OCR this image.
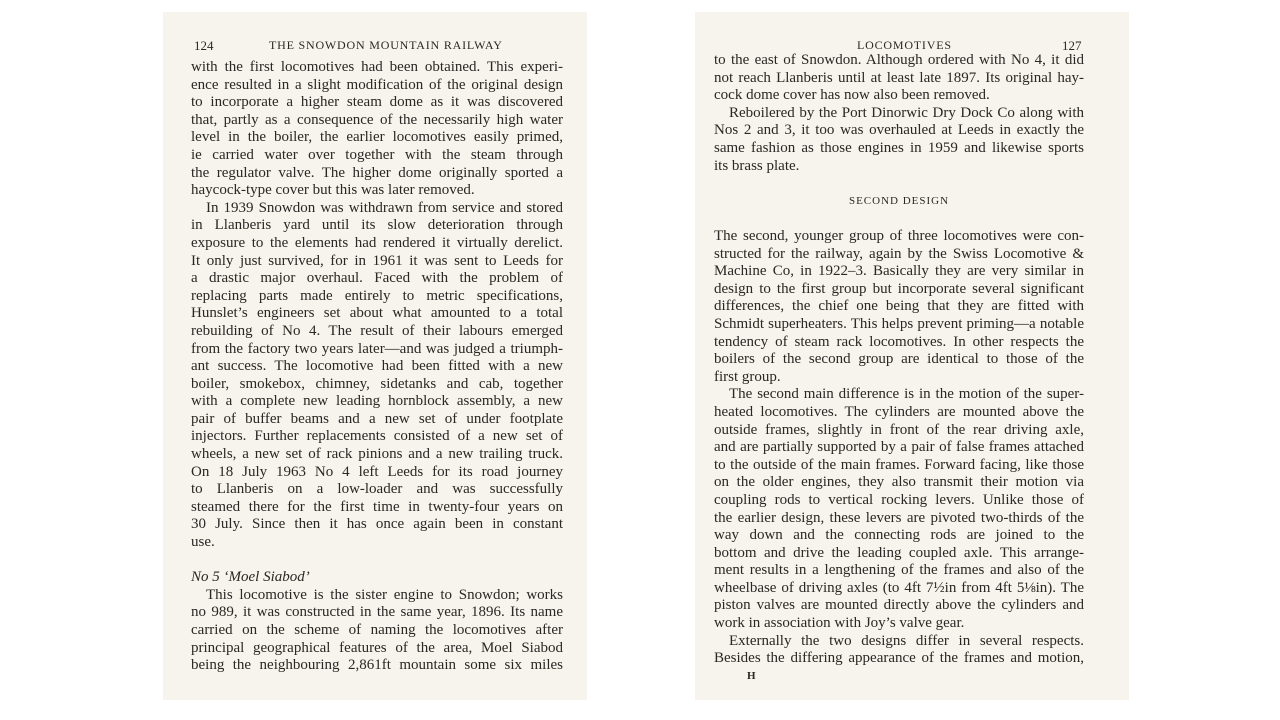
124	THE SNOWDON MOUNTAIN RAILWAY
with the first locomotives had been obtained. This experi-
ence resulted in a slight modification of the original design
to incorporate a higher steam dome as it was discovered
that, partly as a consequence of the necessarily high water
level in the boiler, the earlier locomotives easily primed,
ie carried water over together with the steam through
the regulator valve. The higher dome originally sported a
haycock-type cover but this was later removed.
In 1939 Snowdon was withdrawn from service and stored
in Llanberis yard until its slow deterioration through
exposure to the elements had rendered it virtually derelict.
It only just survived, for in 1961 it was sent to Leeds for
a drastic major overhaul. Faced with the problem of
replacing parts made entirely to metric specifications,
Hunslet’s engineers set about what amounted to a total
rebuilding of No 4. The result of their labours emerged
from the factory two years later—and was judged a triumph-
ant success. The locomotive had been fitted with a new
boiler, smokebox, chimney, sidetanks and cab, together
with a complete new leading hornblock assembly, a new
pair of buffer beams and a new set of under footplate
injectors. Further replacements consisted of a new set of
wheels, a new set of rack pinions and a new trailing truck.
On 18 July 1963 No 4 left Leeds for its road journey
to Llanberis on a low-loader and was successfully
steamed there for the first time in twenty-four years on
30 July. Since then it has once again been in constant
use.
No 5 ‘Moel Siabod’
This locomotive is the sister engine to Snowdon; works
no 989, it was constructed in the same year, 1896. Its name
carried on the scheme of naming the locomotives after
principal geographical features of the area, Moel Siabod
being the neighbouring 2,861ft mountain some six miles
LOCOMOTIVES	127
to the east of Snowdon. Although ordered with No 4, it did
not reach Llanberis until at least late 1897. Its original hay-
cock dome cover has now also been removed.
Reboilered by the Port Dinorwic Dry Dock Co along with
Nos 2 and 3, it too was overhauled at Leeds in exactly the
same fashion as those engines in 1959 and likewise sports
its brass plate.
SECOND DESIGN
The second, younger group of three locomotives were con-
structed for the railway, again by the Swiss Locomotive &
Machine Co, in 1922–3. Basically they are very similar in
design to the first group but incorporate several significant
differences, the chief one being that they are fitted with
Schmidt superheaters. This helps prevent priming—a notable
tendency of steam rack locomotives. In other respects the
boilers of the second group are identical to those of the
first group.
The second main difference is in the motion of the super-
heated locomotives. The cylinders are mounted above the
outside frames, slightly in front of the rear driving axle,
and are partially supported by a pair of false frames attached
to the outside of the main frames. Forward facing, like those
on the older engines, they also transmit their motion via
coupling rods to vertical rocking levers. Unlike those of
the earlier design, these levers are pivoted two-thirds of the
way down and the connecting rods are joined to the
bottom and drive the leading coupled axle. This arrange-
ment results in a lengthening of the frames and also of the
wheelbase of driving axles (to 4ft 7½in from 4ft 5⅛in). The
piston valves are mounted directly above the cylinders and
work in association with Joy’s valve gear.
Externally the two designs differ in several respects.
Besides the differing appearance of the frames and motion,
H
